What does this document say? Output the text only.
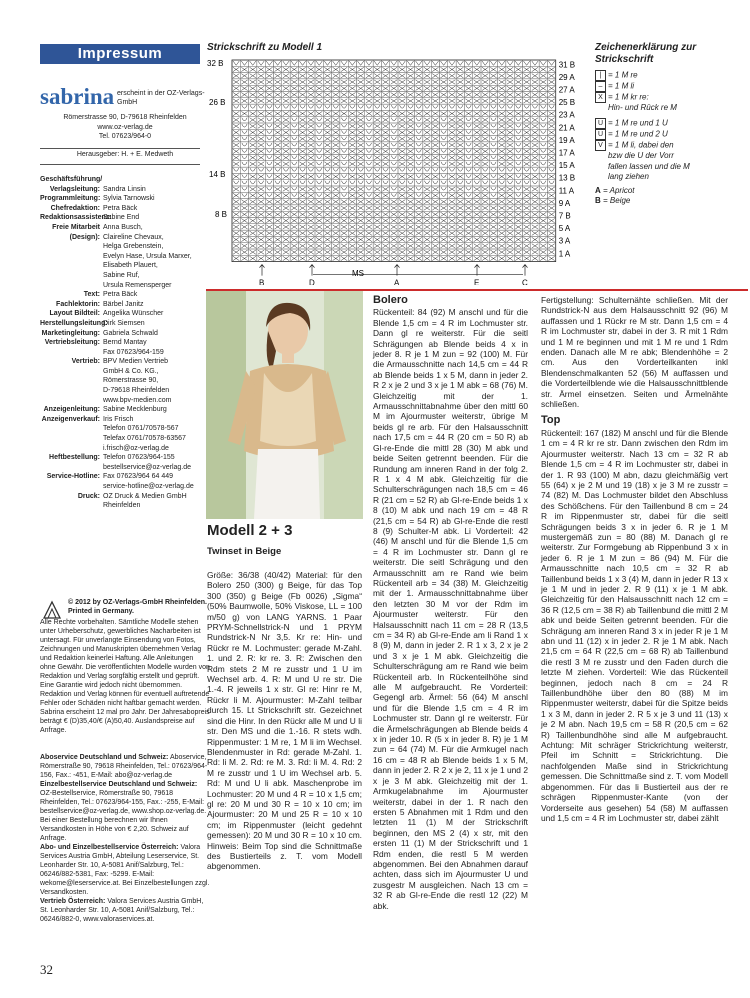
Impressum
sabrina erscheint in der OZ-Verlags-GmbH
Römerstrasse 90, D-79618 Rheinfelden
www.oz-verlag.de
Tel. 07623/964-0
Herausgeber: H. + E. Medweth
Geschäftsführung/
Verlagsleitung: Sandra Linsin
Programmleitung: Sylvia Tarnowski
Chefredaktion: Petra Bäck
Redaktionsassistenz:
Sabine End
Freie Mitarbeit Anna Busch,
(Design): Claireline Chevaux,
Helga Grebenstein,
Evelyn Hase, Ursula Marxer,
Elisabeth Plauert,
Sabine Ruf,
Ursula Remensperger
Text: Petra Bäck
Fachlektorin: Bärbel Janitz
Layout Bildteil: Angelika Wünscher
Herstellungsleitung:
Dirk Siemsen
Marketingleitung: Gabriela Schwald
Vertriebsleitung: Bernd Mantay
Fax 07623/964-159
Vertrieb: BPV Medien Vertrieb
GmbH & Co. KG.,
Römerstrasse 90,
D-79618 Rheinfelden
www.bpv-medien.com
Anzeigenleitung: Sabine Mecklenburg
Anzeigenverkauf: Iris Frisch
Telefon 0761/70578-567
Telefax 0761/70578-63567
i.frisch@oz-verlag.de
Heftbestellung: Telefon 07623/964-155
bestellservice@oz-verlag.de
Service-Hotline: Fax 07623/964 64 449
service-hotline@oz-verlag.de
Druck: OZ Druck & Medien GmbH
Rheinfelden
© 2012 by OZ-Verlags-GmbH Rheinfelden. Printed in Germany.
Alle Rechte vorbehalten. Sämtliche Modelle stehen unter Urheberschutz, gewerbliches Nacharbeiten ist untersagt. Für unverlangte Einsendung von Fotos, Zeichnungen und Manuskripten übernehmen Verlag und Redaktion keinerlei Haftung. Alle Anleitungen ohne Gewähr. Die veröffentlichten Modelle wurden von Redaktion und Verlag sorgfältig erstellt und geprüft. Eine Garantie wird jedoch nicht übernommen. Redaktion und Verlag können für eventuell auftretende Fehler oder Schäden nicht haftbar gemacht werden. Sabrina erscheint 12 mal pro Jahr. Der Jahresabopreis beträgt € (D)35,40/€ (A)50,40. Auslandspreise auf Anfrage.
Aboservice Deutschland und Schweiz: Aboservice, Römerstraße 90, 79618 Rheinfelden, Tel.: 07623/964-156, Fax.: -451, E-Mail: abo@oz-verlag.de
Einzelbestellservice Deutschland und Schweiz: OZ-Bestellservice, Römerstraße 90, 79618 Rheinfelden, Tel.: 07623/964-155, Fax.: -255, E-Mail: bestellservice@oz-verlag.de, www.shop.oz-verlag.de. Bei einer Bestellung berechnen wir Ihnen Versandkosten in Höhe von € 2,20. Schweiz auf Anfrage.
Abo- und Einzelbestellservice Österreich: Valora Services Austria GmbH, Abteilung Leserservice, St. Leonharder Str. 10, A-5081 Anif/Salzburg, Tel.: 06246/882-5381, Fax: -5299. E-Mail: wekome@leserservice.at. Bei Einzelbestellungen zzgl. Versandkosten.
Vertrieb Österreich: Valora Services Austria GmbH, St. Leonharder Str. 10, A-5081 Anif/Salzburg, Tel.: 06246/882-0, www.valoraservices.at.
32
Strickschrift zu Modell 1
32 B
26 B
14 B
8 B
31 B
29 A
27 A
25 B
23 A
21 A
19 A
17 A
15 A
13 B
11 A
9 A
7 B
5 A
3 A
1 A
B	D	A	E	C
MS
Zeichenerklärung zur Strickschrift
| = 1 M re
– = 1 M li
X = 1 M kr re:
Hin- und Rück re M
U = 1 M re und 1 U
U = 1 M re und 2 U
V = 1 M li, dabei den
bzw die U der Vorr
fallen lassen und die M
lang ziehen
A = Apricot
B = Beige
Modell 2 + 3
Twinset in Beige
Größe: 36/38 (40/42) Material: für den Bolero 250 (300) g Beige, für das Top 300 (350) g Beige (Fb 0026) „Sigma“ (50% Baumwolle, 50% Viskose, LL = 100 m/50 g) von LANG YARNS. 1 Paar PRYM-Schnellstrick-N und 1 PRYM Rundstrick-N Nr 3,5. Kr re: Hin- und Rückr re M. Lochmuster: gerade M-Zahl. 1. und 2. R: kr re. 3. R: Zwischen den Rdm stets 2 M re zusstr und 1 U im Wechsel arb. 4. R: M und U re str. Die 1.-4. R jeweils 1 x str. Gl re: Hinr re M, Rückr li M. Ajourmuster: M-Zahl teilbar durch 15. Lt Strickschrift str. Gezeichnet sind die Hinr. In den Rückr alle M und U li str. Den MS und die 1.-16. R stets wdh. Rippenmuster: 1 M re, 1 M li im Wechsel. Blendenmuster in Rd: gerade M-Zahl. 1. Rd: li M. 2. Rd: re M. 3. Rd: li M. 4. Rd: 2 M re zusstr und 1 U im Wechsel arb. 5. Rd: M und U li abk. Maschenprobe im Lochmuster: 20 M und 4 R = 10 x 1,5 cm; gl re: 20 M und 30 R = 10 x 10 cm; im Ajourmuster: 20 M und 25 R = 10 x 10 cm; im Rippenmuster (leicht gedehnt gemessen): 20 M und 30 R = 10 x 10 cm. Hinweis: Beim Top sind die Schnittmaße des Bustierteils z. T. vom Modell abgenommen.
Bolero
Rückenteil: 84 (92) M anschl und für die Blende 1,5 cm = 4 R im Lochmuster str. Dann gl re weiterstr. Für die seitl Schrägungen ab Blende beids 4 x in jeder 8. R je 1 M zun = 92 (100) M. Für die Armausschnitte nach 14,5 cm = 44 R ab Blende beids 1 x 5 M, dann in jeder 2. R 2 x je 2 und 3 x je 1 M abk = 68 (76) M. Gleichzeitig mit der 1. Armausschnittabnahme über den mittl 60 M im Ajourmuster weiterstr, übrige M beids gl re arb. Für den Halsausschnitt nach 17,5 cm = 44 R (20 cm = 50 R) ab Gl-re-Ende die mittl 28 (30) M abk und beide Seiten getrennt beenden. Für die Rundung am inneren Rand in der folg 2. R 1 x 4 M abk. Gleichzeitig für die Schulterschrägungen nach 18,5 cm = 46 R (21 cm = 52 R) ab Gl-re-Ende beids 1 x 8 (10) M abk und nach 19 cm = 48 R (21,5 cm = 54 R) ab Gl-re-Ende die restl 8 (9) Schulter-M abk. Li Vorderteil: 42 (46) M anschl und für die Blende 1,5 cm = 4 R im Lochmuster str. Dann gl re weiterstr. Die seitl Schrägung und den Armausschnitt am re Rand wie beim Rückenteil arb = 34 (38) M. Gleichzeitig mit der 1. Armausschnittabnahme über den letzten 30 M vor der Rdm im Ajourmuster weiterstr. Für den Halsausschnitt nach 11 cm = 28 R (13,5 cm = 34 R) ab Gl-re-Ende am li Rand 1 x 8 (9) M, dann in jeder 2. R 1 x 3, 2 x je 2 und 3 x je 1 M abk. Gleichzeitig die Schulterschrägung am re Rand wie beim Rückenteil arb. In Rückenteilhöhe sind alle M aufgebraucht. Re Vorderteil: Gegengl arb. Ärmel: 56 (64) M anschl und für die Blende 1,5 cm = 4 R im Lochmuster str. Dann gl re weiterstr. Für die Ärmelschrägungen ab Blende beids 4 x in jeder 10. R (5 x in jeder 8. R) je 1 M zun = 64 (74) M. Für die Armkugel nach 16 cm = 48 R ab Blende beids 1 x 5 M, dann in jeder 2. R 2 x je 2, 11 x je 1 und 2 x je 3 M abk. Gleichzeitig mit der 1. Armkugelabnahme im Ajourmuster weiterstr, dabei in der 1. R nach den ersten 5 Abnahmen mit 1 Rdm und den letzten 11 (1) M der Strickschrift beginnen, den MS 2 (4) x str, mit den ersten 11 (1) M der Strickschrift und 1 Rdm enden, die restl 5 M werden abgenommen. Bei den Abnahmen darauf achten, dass sich im Ajourmuster U und zusgestr M ausgleichen. Nach 13 cm = 32 R ab Gl-re-Ende die restl 12 (22) M abk.
Fertigstellung: Schulternähte schließen. Mit der Rundstrick-N aus dem Halsausschnitt 92 (96) M auffassen und 1 Rückr re M str. Dann 1,5 cm = 4 R im Lochmuster str, dabei in der 3. R mit 1 Rdm und 1 M re beginnen und mit 1 M re und 1 Rdm enden. Danach alle M re abk; Blendenhöhe = 2 cm. Aus den Vorderteilkanten inkl Blendenschmalkanten 52 (56) M auffassen und die Vorderteilblende wie die Halsausschnittblende str. Ärmel einsetzen. Seiten und Ärmelnähte schließen.
Top
Rückenteil: 167 (182) M anschl und für die Blende 1 cm = 4 R kr re str. Dann zwischen den Rdm im Ajourmuster weiterstr. Nach 13 cm = 32 R ab Blende 1,5 cm = 4 R im Lochmuster str, dabei in der 1. R 93 (100) M abn, dazu gleichmäßig vert 55 (64) x je 2 M und 19 (18) x je 3 M re zusstr = 74 (82) M. Das Lochmuster bildet den Abschluss des Schößchens. Für den Taillenbund 8 cm = 24 R im Rippenmuster str, dabei für die seitl Schrägungen beids 3 x in jeder 6. R je 1 M mustergemäß zun = 80 (88) M. Danach gl re weiterstr. Zur Formgebung ab Rippenbund 3 x in jeder 6. R je 1 M zun = 86 (94) M. Für die Armausschnitte nach 10,5 cm = 32 R ab Taillenbund beids 1 x 3 (4) M, dann in jeder R 13 x je 1 M und in jeder 2. R 9 (11) x je 1 M abk. Gleichzeitig für den Halsausschnitt nach 12 cm = 36 R (12,5 cm = 38 R) ab Taillenbund die mittl 2 M abk und beide Seiten getrennt beenden. Für die Schrägung am inneren Rand 3 x in jeder R je 1 M abn und 11 (12) x in jeder 2. R je 1 M abk. Nach 21,5 cm = 64 R (22,5 cm = 68 R) ab Taillenbund die restl 3 M re zusstr und den Faden durch die letzte M ziehen. Vorderteil: Wie das Rückenteil beginnen, jedoch nach 8 cm = 24 R Taillenbundhöhe über den 80 (88) M im Rippenmuster weiterstr, dabei für die Spitze beids 1 x 3 M, dann in jeder 2. R 5 x je 3 und 11 (13) x je 2 M abn. Nach 19,5 cm = 58 R (20,5 cm = 62 R) Taillenbundhöhe sind alle M aufgebraucht. Achtung: Mit schräger Strickrichtung weiterstr, Pfeil im Schnitt = Strickrichtung. Die nachfolgenden Maße sind in Strickrichtung gemessen. Die Schnittmaße sind z. T. vom Modell abgenommen. Für das li Bustierteil aus der re schrägen Rippenmuster-Kante (von der Vorderseite aus gesehen) 54 (58) M auffassen und 1,5 cm = 4 R im Lochmuster str, dabei zählt
